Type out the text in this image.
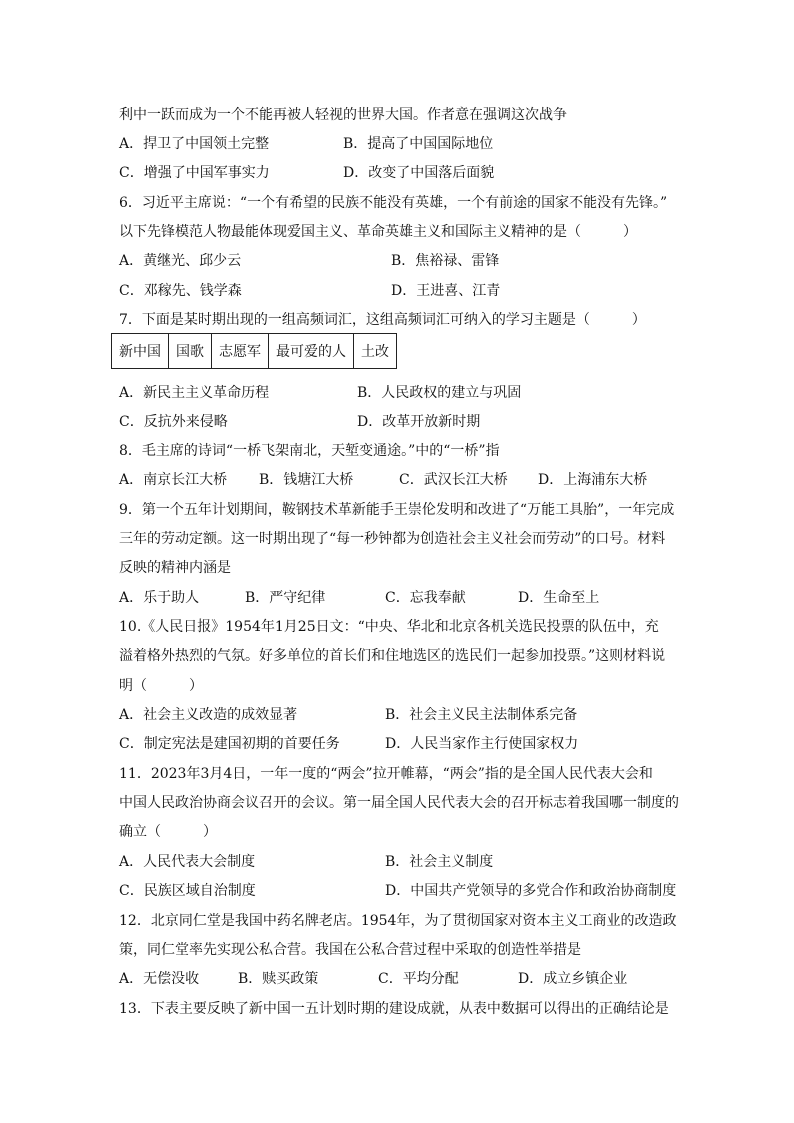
利中一跃而成为一个不能再被人轻视的世界大国。作者意在强调这次战争
A．捍卫了中国领土完整	B．提高了中国国际地位
C．增强了中国军事实力	D．改变了中国落后面貌
6．习近平主席说：“一个有希望的民族不能没有英雄，一个有前途的国家不能没有先锋。”
以下先锋模范人物最能体现爱国主义、革命英雄主义和国际主义精神的是（　　　）
A．黄继光、邱少云	B．焦裕禄、雷锋
C．邓稼先、钱学森	D．王进喜、江青
7．下面是某时期出现的一组高频词汇，这组高频词汇可纳入的学习主题是（　　　）
新中国	国歌	志愿军	最可爱的人	土改
A．新民主主义革命历程	B．人民政权的建立与巩固
C．反抗外来侵略	D．改革开放新时期
8．毛主席的诗词“一桥飞架南北，天堑变通途。”中的“一桥”指
A．南京长江大桥 B．钱塘江大桥	C．武汉长江大桥 D．上海浦东大桥
9．第一个五年计划期间，鞍钢技术革新能手王崇伦发明和改进了“万能工具胎”，一年完成
三年的劳动定额。这一时期出现了“每一秒钟都为创造社会主义社会而劳动”的口号。材料
反映的精神内涵是
A．乐于助人	B．严守纪律	C．忘我奉献	D．生命至上
10.《人民日报》1954年1月25日文：“中央、华北和北京各机关选民投票的队伍中，充
溢着格外热烈的气氛。好多单位的首长们和住地选区的选民们一起参加投票。”这则材料说
明（　　　）
A．社会主义改造的成效显著	B．社会主义民主法制体系完备
C．制定宪法是建国初期的首要任务	D．人民当家作主行使国家权力
11．2023年3月4日，一年一度的“两会”拉开帷幕，“两会”指的是全国人民代表大会和
中国人民政治协商会议召开的会议。第一届全国人民代表大会的召开标志着我国哪一制度的
确立（　　　）
A．人民代表大会制度	B．社会主义制度
C．民族区域自治制度	D．中国共产党领导的多党合作和政治协商制度
12．北京同仁堂是我国中药名牌老店。1954年，为了贯彻国家对资本主义工商业的改造政
策，同仁堂率先实现公私合营。我国在公私合营过程中采取的创造性举措是
A．无偿没收	B．赎买政策	C．平均分配	D．成立乡镇企业
13．下表主要反映了新中国一五计划时期的建设成就，从表中数据可以得出的正确结论是
